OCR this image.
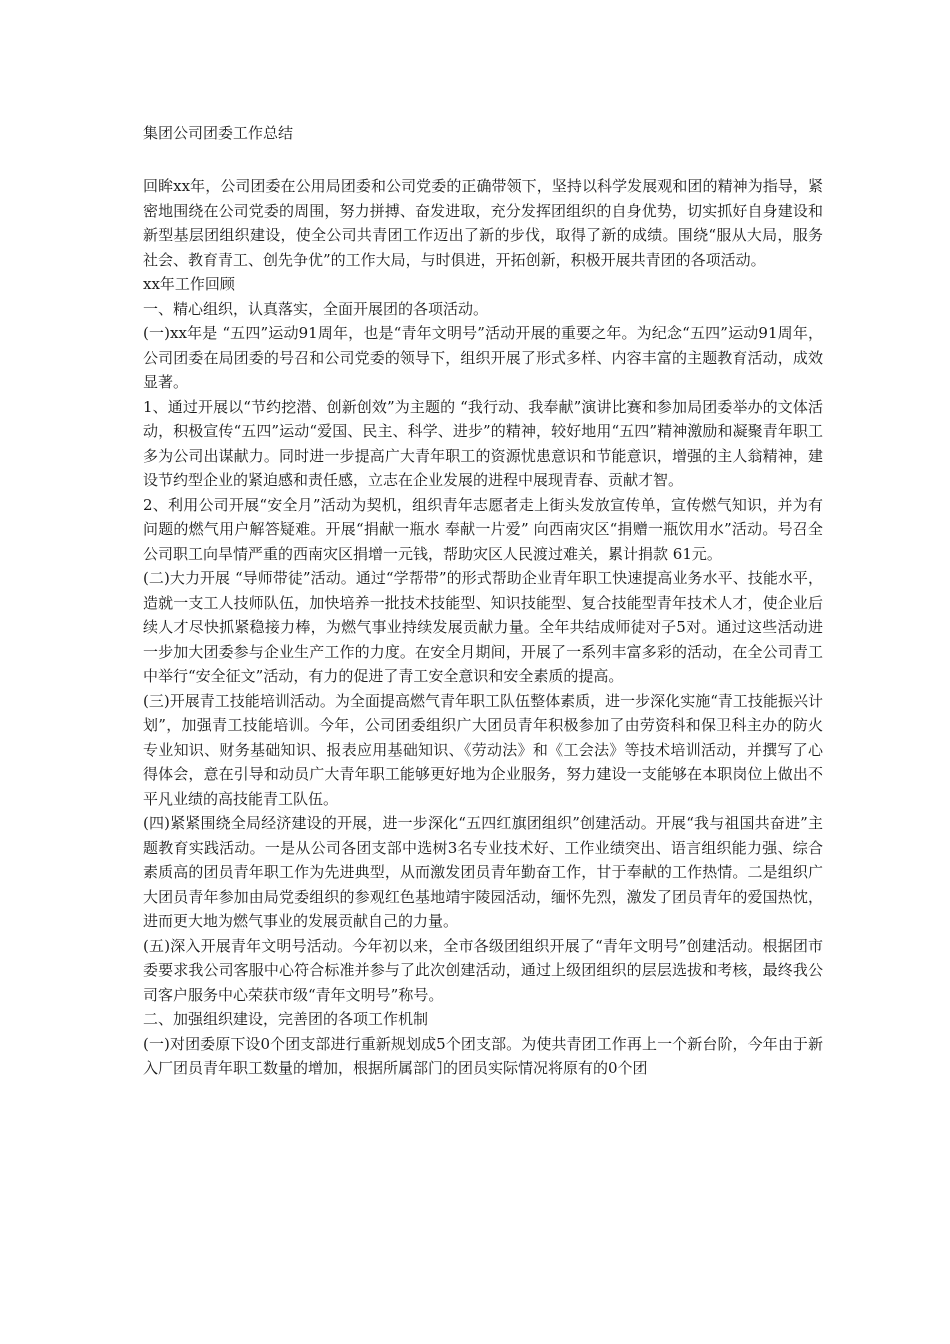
集团公司团委工作总结

回眸xx年，公司团委在公用局团委和公司党委的正确带领下，坚持以科学发展观和团的精神为指导，紧密地围绕在公司党委的周围，努力拼搏、奋发进取，充分发挥团组织的自身优势，切实抓好自身建设和新型基层团组织建设，使全公司共青团工作迈出了新的步伐，取得了新的成绩。围绕“服从大局，服务社会、教育青工、创先争优”的工作大局，与时俱进，开拓创新，积极开展共青团的各项活动。

xx年工作回顾

一、精心组织，认真落实，全面开展团的各项活动。

(一)xx年是 “五四”运动91周年，也是“青年文明号”活动开展的重要之年。为纪念“五四”运动91周年，公司团委在局团委的号召和公司党委的领导下，组织开展了形式多样、内容丰富的主题教育活动，成效显著。

1、通过开展以“节约挖潜、创新创效”为主题的 “我行动、我奉献”演讲比赛和参加局团委举办的文体活动，积极宣传“五四”运动“爱国、民主、科学、进步”的精神，较好地用“五四”精神激励和凝聚青年职工多为公司出谋献力。同时进一步提高广大青年职工的资源忧患意识和节能意识，增强的主人翁精神，建设节约型企业的紧迫感和责任感，立志在企业发展的进程中展现青春、贡献才智。

2、利用公司开展“安全月”活动为契机，组织青年志愿者走上街头发放宣传单，宣传燃气知识，并为有问题的燃气用户解答疑难。开展“捐献一瓶水 奉献一片爱” 向西南灾区“捐赠一瓶饮用水”活动。号召全公司职工向旱情严重的西南灾区捐增一元钱，帮助灾区人民渡过难关，累计捐款 61元。

(二)大力开展 “导师带徒”活动。通过“学帮带”的形式帮助企业青年职工快速提高业务水平、技能水平，造就一支工人技师队伍，加快培养一批技术技能型、知识技能型、复合技能型青年技术人才，使企业后续人才尽快抓紧稳接力棒，为燃气事业持续发展贡献力量。全年共结成师徒对子5对。通过这些活动进一步加大团委参与企业生产工作的力度。在安全月期间，开展了一系列丰富多彩的活动，在全公司青工中举行“安全征文”活动，有力的促进了青工安全意识和安全素质的提高。

(三)开展青工技能培训活动。为全面提高燃气青年职工队伍整体素质，进一步深化实施“青工技能振兴计划”，加强青工技能培训。今年，公司团委组织广大团员青年积极参加了由劳资科和保卫科主办的防火专业知识、财务基础知识、报表应用基础知识、《劳动法》和《工会法》等技术培训活动，并撰写了心得体会，意在引导和动员广大青年职工能够更好地为企业服务，努力建设一支能够在本职岗位上做出不平凡业绩的高技能青工队伍。

(四)紧紧围绕全局经济建设的开展，进一步深化“五四红旗团组织”创建活动。开展“我与祖国共奋进”主题教育实践活动。一是从公司各团支部中选树3名专业技术好、工作业绩突出、语言组织能力强、综合素质高的团员青年职工作为先进典型，从而激发团员青年勤奋工作，甘于奉献的工作热情。二是组织广大团员青年参加由局党委组织的参观红色基地靖宇陵园活动，缅怀先烈，激发了团员青年的爱国热忱，进而更大地为燃气事业的发展贡献自己的力量。

(五)深入开展青年文明号活动。今年初以来，全市各级团组织开展了“青年文明号”创建活动。根据团市委要求我公司客服中心符合标准并参与了此次创建活动，通过上级团组织的层层选拔和考核，最终我公司客户服务中心荣获市级“青年文明号”称号。

二、加强组织建设，完善团的各项工作机制

(一)对团委原下设0个团支部进行重新规划成5个团支部。为使共青团工作再上一个新台阶，今年由于新入厂团员青年职工数量的增加，根据所属部门的团员实际情况将原有的0个团
